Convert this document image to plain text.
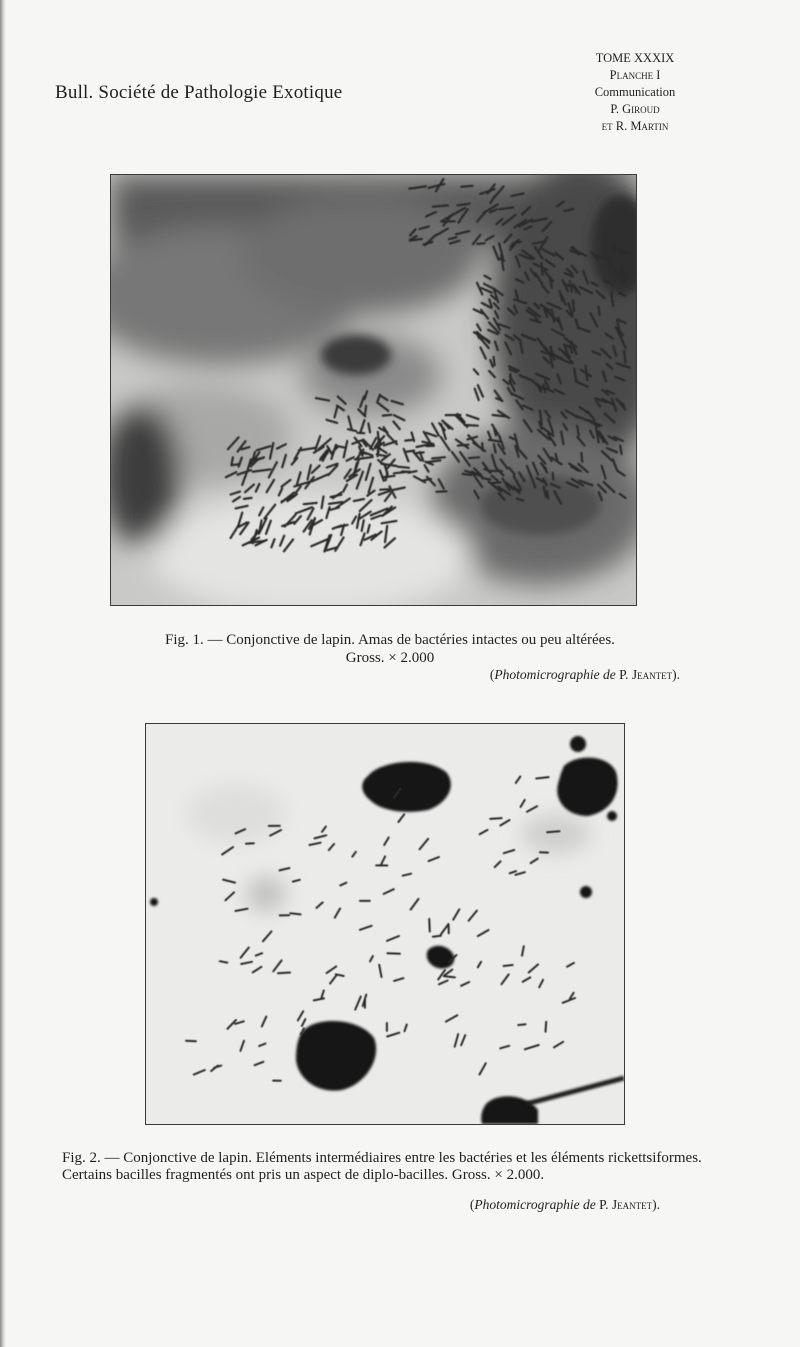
Bull. Société de Pathologie Exotique
TOME XXXIX
Planche I
Communication
P. Giroud
et R. Martin
Fig. 1. — Conjonctive de lapin. Amas de bactéries intactes ou peu altérées.
Gross. × 2.000
(Photomicrographie de P. Jeantet).
Fig. 2. — Conjonctive de lapin. Eléments intermédiaires entre les bactéries et les éléments rickettsiformes. Certains bacilles fragmentés ont pris un aspect de diplo-bacilles. Gross. × 2.000.
(Photomicrographie de P. Jeantet).
